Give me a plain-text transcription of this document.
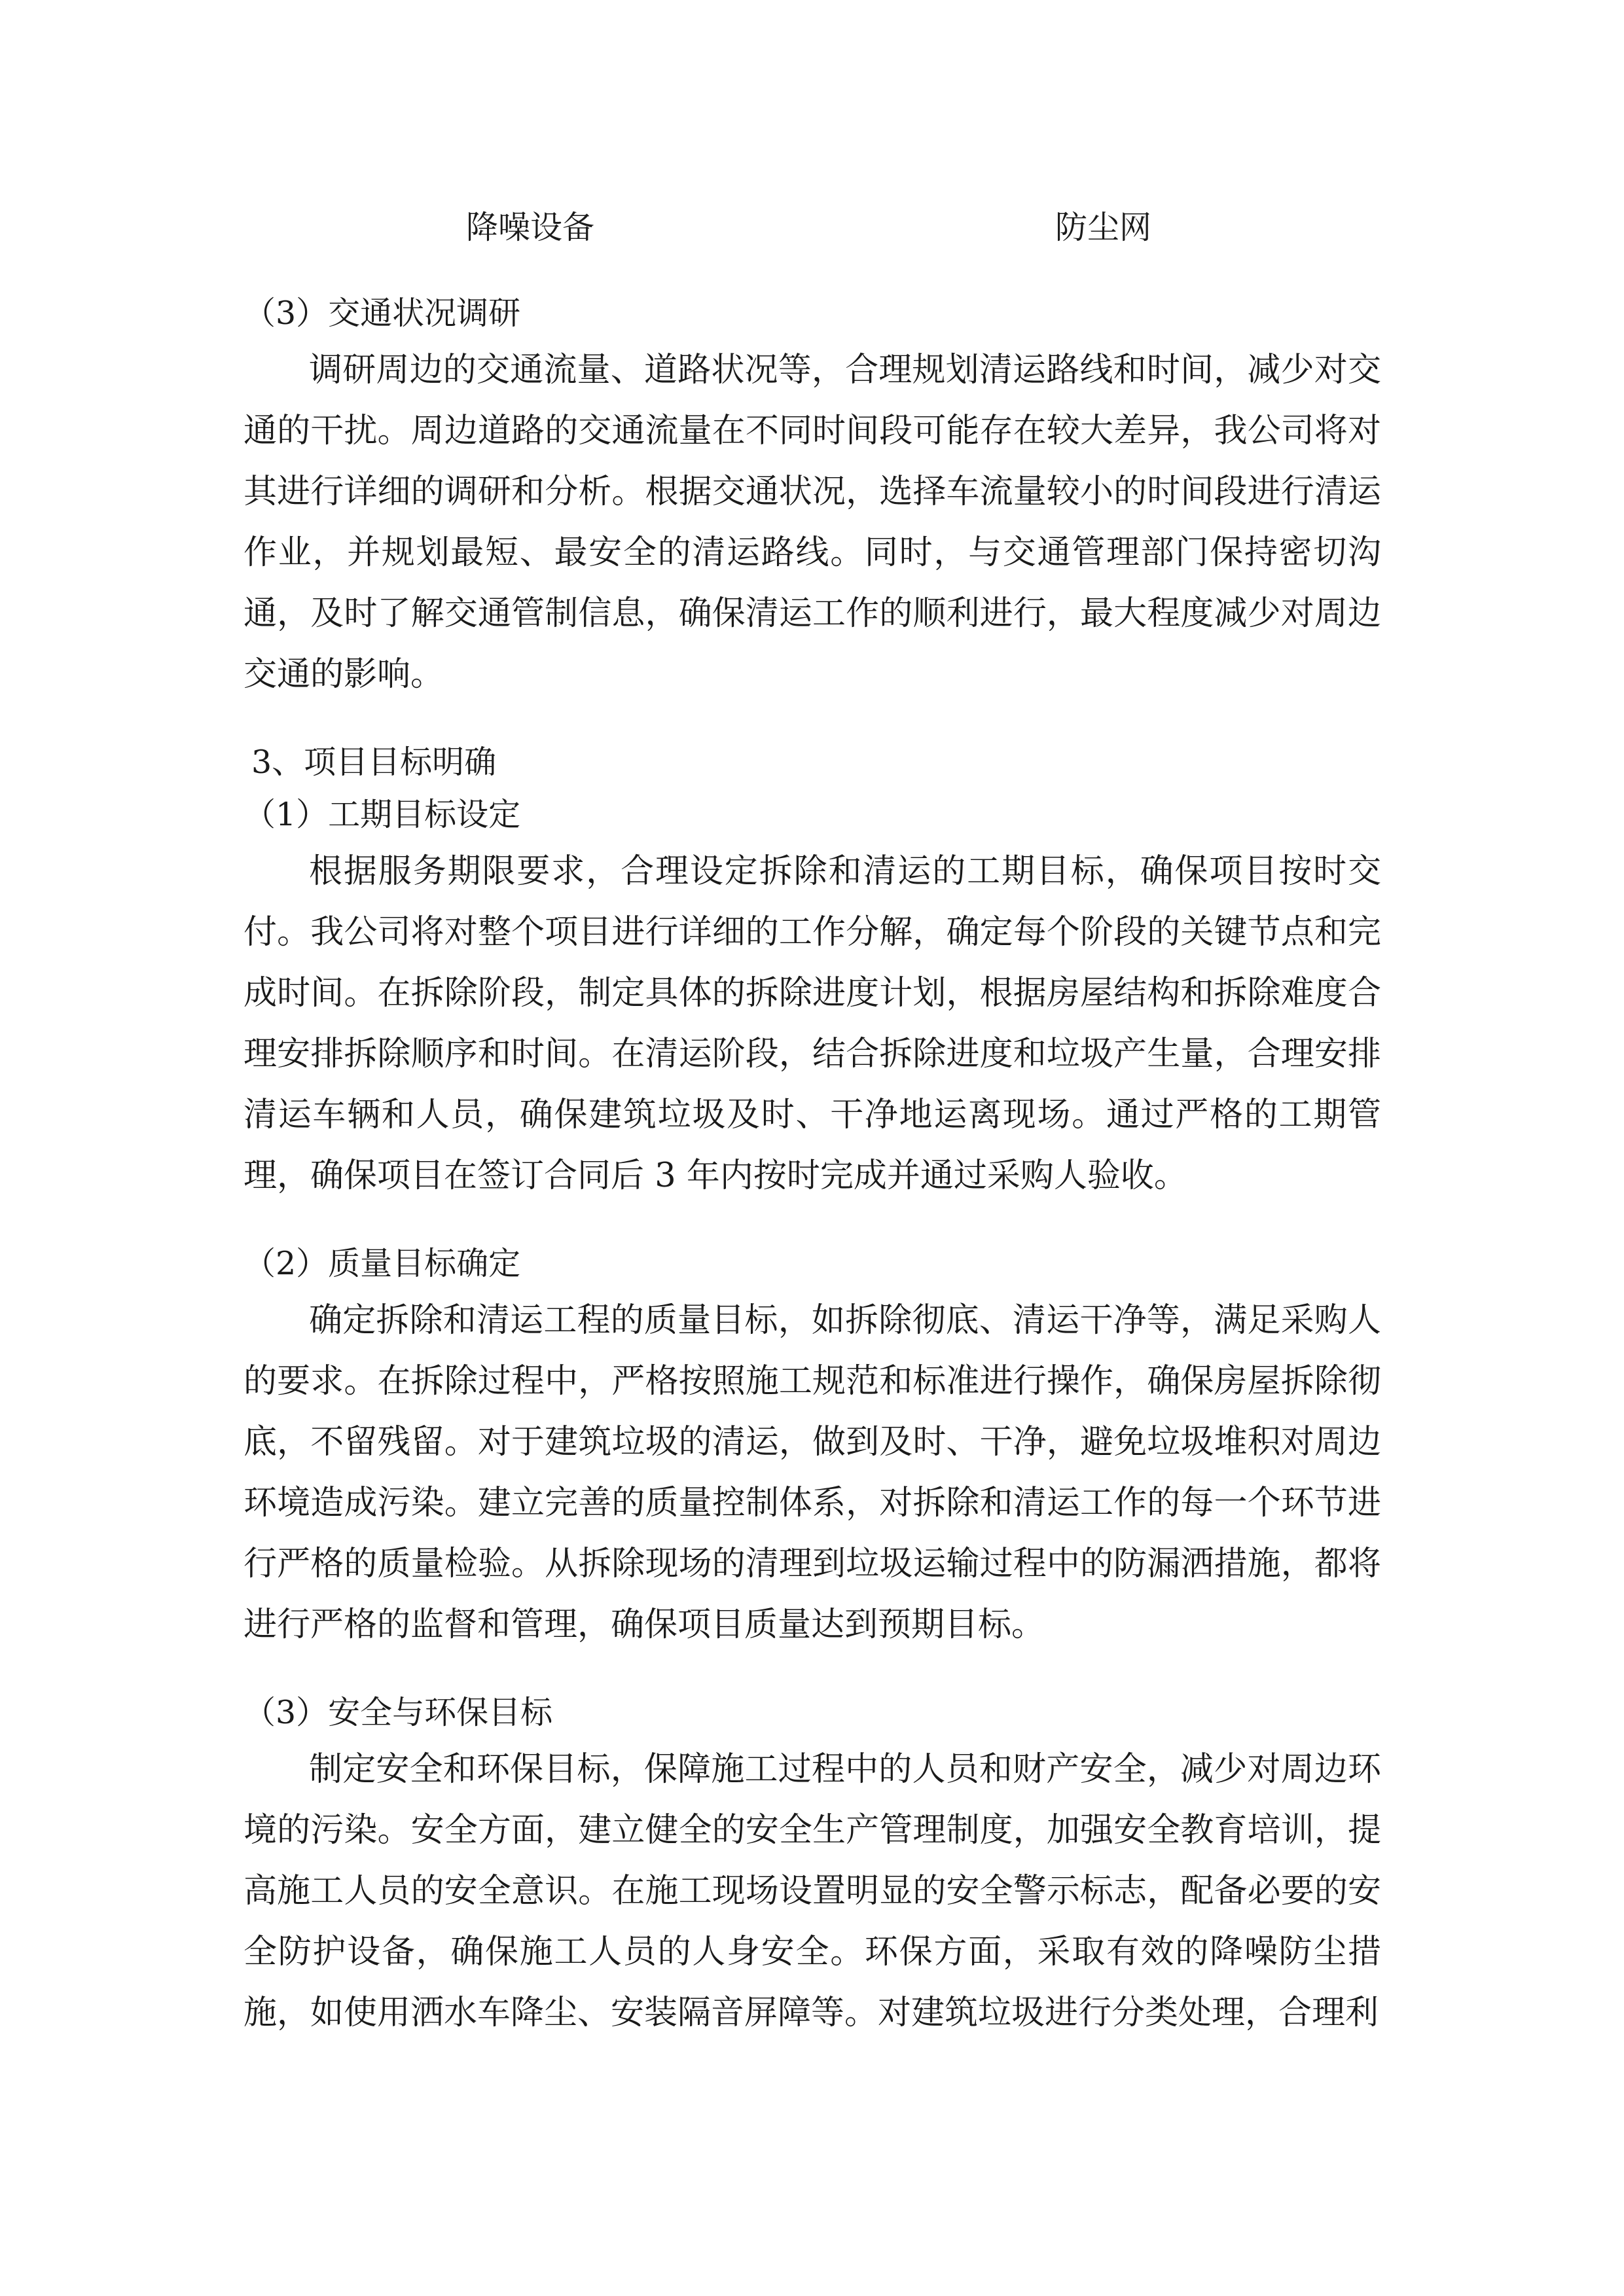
降噪设备	防尘网

（3）交通状况调研

调研周边的交通流量、道路状况等，合理规划清运路线和时间，减少对交通的干扰。周边道路的交通流量在不同时间段可能存在较大差异，我公司将对其进行详细的调研和分析。根据交通状况，选择车流量较小的时间段进行清运作业，并规划最短、最安全的清运路线。同时，与交通管理部门保持密切沟通，及时了解交通管制信息，确保清运工作的顺利进行，最大程度减少对周边交通的影响。

3、项目目标明确

（1）工期目标设定

根据服务期限要求，合理设定拆除和清运的工期目标，确保项目按时交付。我公司将对整个项目进行详细的工作分解，确定每个阶段的关键节点和完成时间。在拆除阶段，制定具体的拆除进度计划，根据房屋结构和拆除难度合理安排拆除顺序和时间。在清运阶段，结合拆除进度和垃圾产生量，合理安排清运车辆和人员，确保建筑垃圾及时、干净地运离现场。通过严格的工期管理，确保项目在签订合同后 3 年内按时完成并通过采购人验收。

（2）质量目标确定

确定拆除和清运工程的质量目标，如拆除彻底、清运干净等，满足采购人的要求。在拆除过程中，严格按照施工规范和标准进行操作，确保房屋拆除彻底，不留残留。对于建筑垃圾的清运，做到及时、干净，避免垃圾堆积对周边环境造成污染。建立完善的质量控制体系，对拆除和清运工作的每一个环节进行严格的质量检验。从拆除现场的清理到垃圾运输过程中的防漏洒措施，都将进行严格的监督和管理，确保项目质量达到预期目标。

（3）安全与环保目标

制定安全和环保目标，保障施工过程中的人员和财产安全，减少对周边环境的污染。安全方面，建立健全的安全生产管理制度，加强安全教育培训，提高施工人员的安全意识。在施工现场设置明显的安全警示标志，配备必要的安全防护设备，确保施工人员的人身安全。环保方面，采取有效的降噪防尘措施，如使用洒水车降尘、安装隔音屏障等。对建筑垃圾进行分类处理，合理利
